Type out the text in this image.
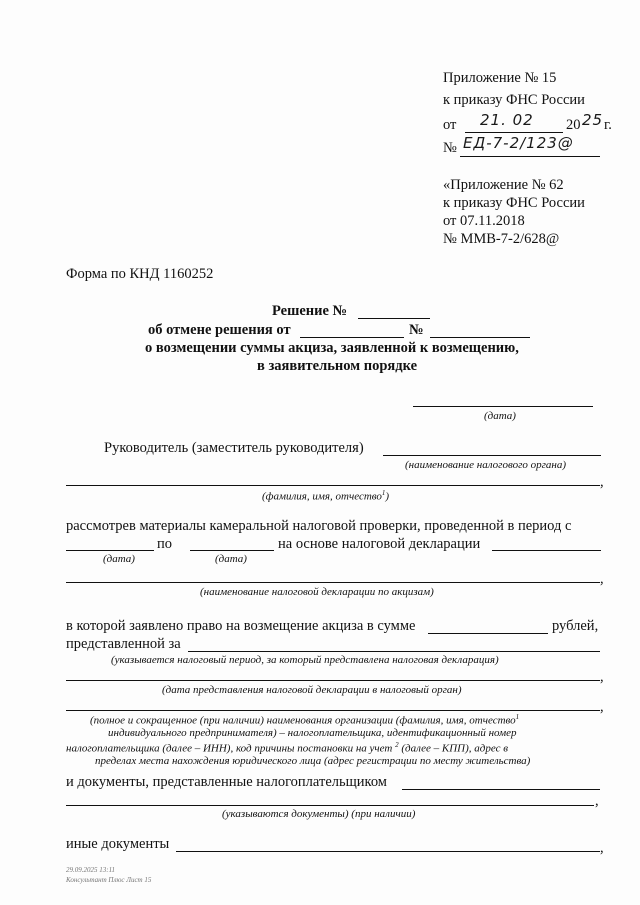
Приложение № 15
к приказу ФНС России
от 21. 02 20 25 г.
№ ЕД-7-2/123@
«Приложение № 62
к приказу ФНС России
от 07.11.2018
№ ММВ-7-2/628@
Форма по КНД 1160252
Решение №
об отмене решения от	№
о возмещении суммы акциза, заявленной к возмещению,
в заявительном порядке
(дата)
Руководитель (заместитель руководителя)
(наименование налогового органа)
,
(фамилия, имя, отчество$^1$)
рассмотрев материалы камеральной налоговой проверки, проведенной в период с
по	на основе налоговой декларации
(дата)	(дата)
,
(наименование налоговой декларации по акцизам)
в которой заявлено право на возмещение акциза в сумме	рублей,
представленной за
(указывается налоговый период, за который представлена налоговая декларация)
,
(дата представления налоговой декларации в налоговый орган)
,
(полное и сокращенное (при наличии) наименования организации (фамилия, имя, отчество$^1$
индивидуального предпринимателя) – налогоплательщика, идентификационный номер
налогоплательщика (далее – ИНН), код причины постановки на учет $^2$ (далее – КПП), адрес в
пределах места нахождения юридического лица (адрес регистрации по месту жительства)
и документы, представленные налогоплательщиком
,
(указываются документы) (при наличии)
иные документы	,
29.09.2025 13:11
Консультант Плюс Лист 15
